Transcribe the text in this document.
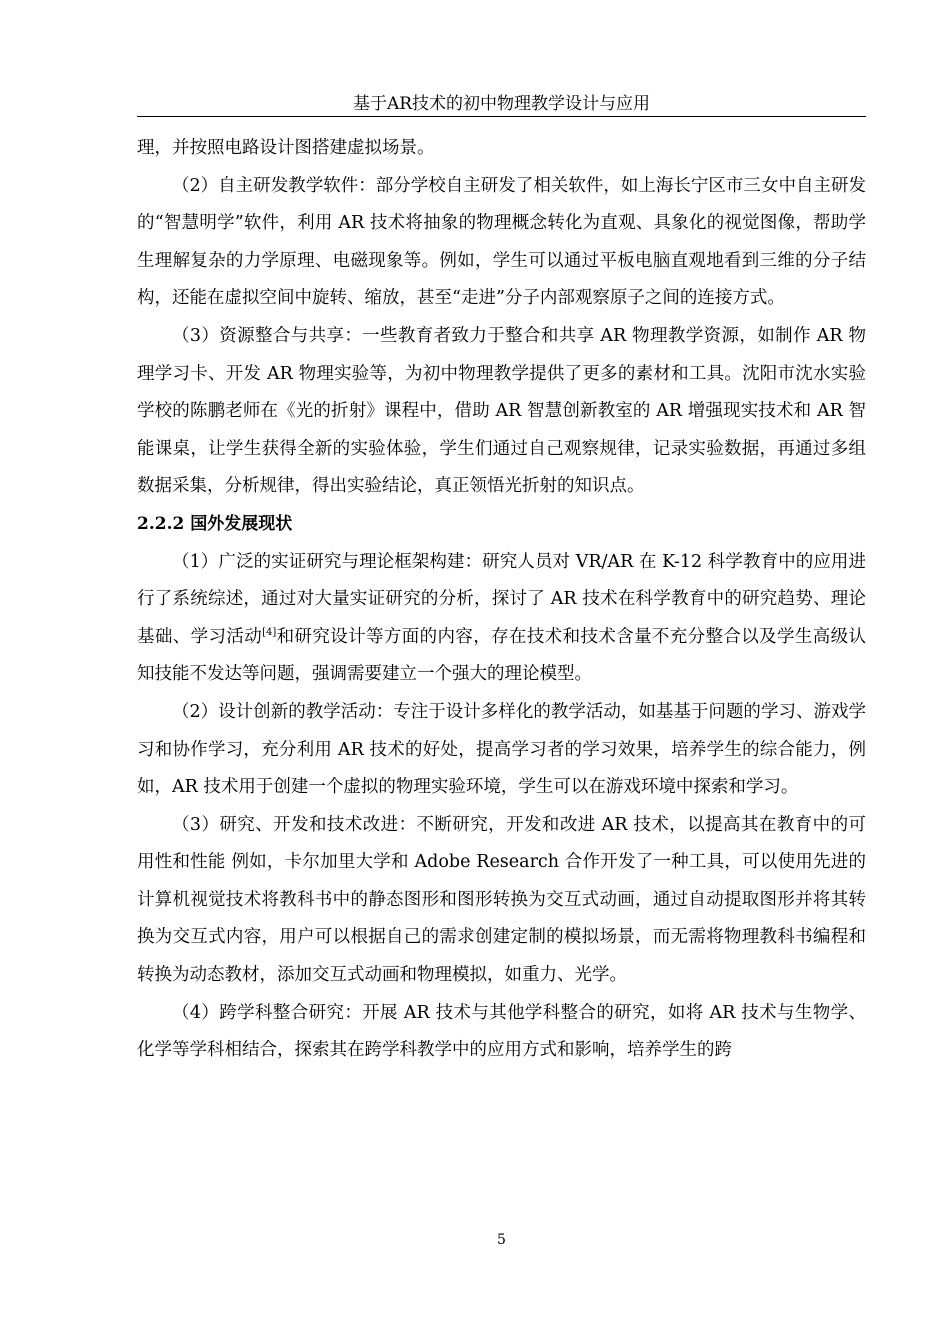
基于AR技术的初中物理教学设计与应用

理，并按照电路设计图搭建虚拟场景。

（2）自主研发教学软件：部分学校自主研发了相关软件，如上海长宁区市三女中自主研发的“智慧明学”软件，利用 AR 技术将抽象的物理概念转化为直观、具象化的视觉图像，帮助学生理解复杂的力学原理、电磁现象等。例如，学生可以通过平板电脑直观地看到三维的分子结构，还能在虚拟空间中旋转、缩放，甚至“走进”分子内部观察原子之间的连接方式。

（3）资源整合与共享：一些教育者致力于整合和共享 AR 物理教学资源，如制作 AR 物理学习卡、开发 AR 物理实验等，为初中物理教学提供了更多的素材和工具。沈阳市沈水实验学校的陈鹏老师在《光的折射》课程中，借助 AR 智慧创新教室的 AR 增强现实技术和 AR 智能课桌，让学生获得全新的实验体验，学生们通过自己观察规律，记录实验数据，再通过多组数据采集，分析规律，得出实验结论，真正领悟光折射的知识点。

2.2.2 国外发展现状

（1）广泛的实证研究与理论框架构建：研究人员对 VR/AR 在 K-12 科学教育中的应用进行了系统综述，通过对大量实证研究的分析，探讨了 AR 技术在科学教育中的研究趋势、理论基础、学习活动[4]和研究设计等方面的内容，存在技术和技术含量不充分整合以及学生高级认知技能不发达等问题，强调需要建立一个强大的理论模型。

（2）设计创新的教学活动：专注于设计多样化的教学活动，如基基于问题的学习、游戏学习和协作学习，充分利用 AR 技术的好处，提高学习者的学习效果，培养学生的综合能力，例如，AR 技术用于创建一个虚拟的物理实验环境，学生可以在游戏环境中探索和学习。

（3）研究、开发和技术改进：不断研究，开发和改进 AR 技术，以提高其在教育中的可用性和性能 例如，卡尔加里大学和 Adobe Research 合作开发了一种工具，可以使用先进的计算机视觉技术将教科书中的静态图形和图形转换为交互式动画，通过自动提取图形并将其转换为交互式内容，用户可以根据自己的需求创建定制的模拟场景，而无需将物理教科书编程和转换为动态教材，添加交互式动画和物理模拟，如重力、光学。

（4）跨学科整合研究：开展 AR 技术与其他学科整合的研究，如将 AR 技术与生物学、化学等学科相结合，探索其在跨学科教学中的应用方式和影响，培养学生的跨

5
